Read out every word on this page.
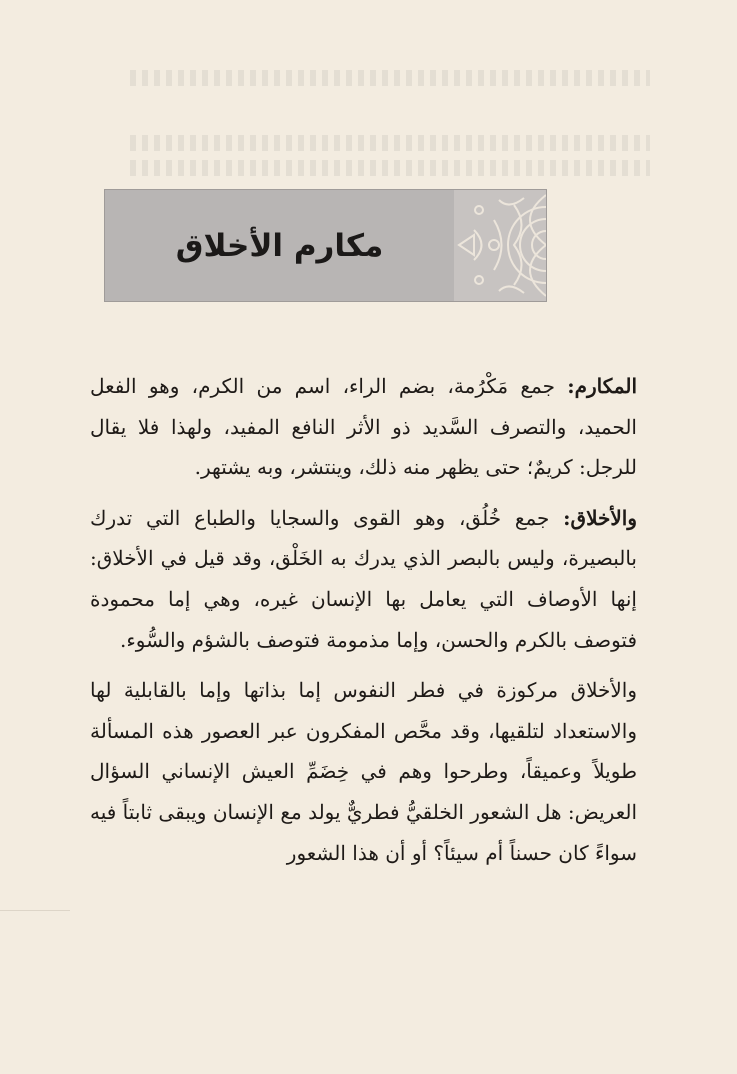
مكارم الأخلاق

المكارم: جمع مَكْرُمة، بضم الراء، اسم من الكرم، وهو الفعل الحميد، والتصرف السَّديد ذو الأثر النافع المفيد، ولهذا فلا يقال للرجل: كريمٌ؛ حتى يظهر منه ذلك، وينتشر، وبه يشتهر.

والأخلاق: جمع خُلُق، وهو القوى والسجايا والطباع التي تدرك بالبصيرة، وليس بالبصر الذي يدرك به الخَلْق، وقد قيل في الأخلاق: إنها الأوصاف التي يعامل بها الإنسان غيره، وهي إما محمودة فتوصف بالكرم والحسن، وإما مذمومة فتوصف بالشؤم والسُّوء.

والأخلاق مركوزة في فطر النفوس إما بذاتها وإما بالقابلية لها والاستعداد لتلقيها، وقد محَّص المفكرون عبر العصور هذه المسألة طويلاً وعميقاً، وطرحوا وهم في خِضَمِّ العيش الإنساني السؤال العريض: هل الشعور الخلقيُّ فطريٌّ يولد مع الإنسان ويبقى ثابتاً فيه سواءً كان حسناً أم سيئاً؟ أو أن هذا الشعور
